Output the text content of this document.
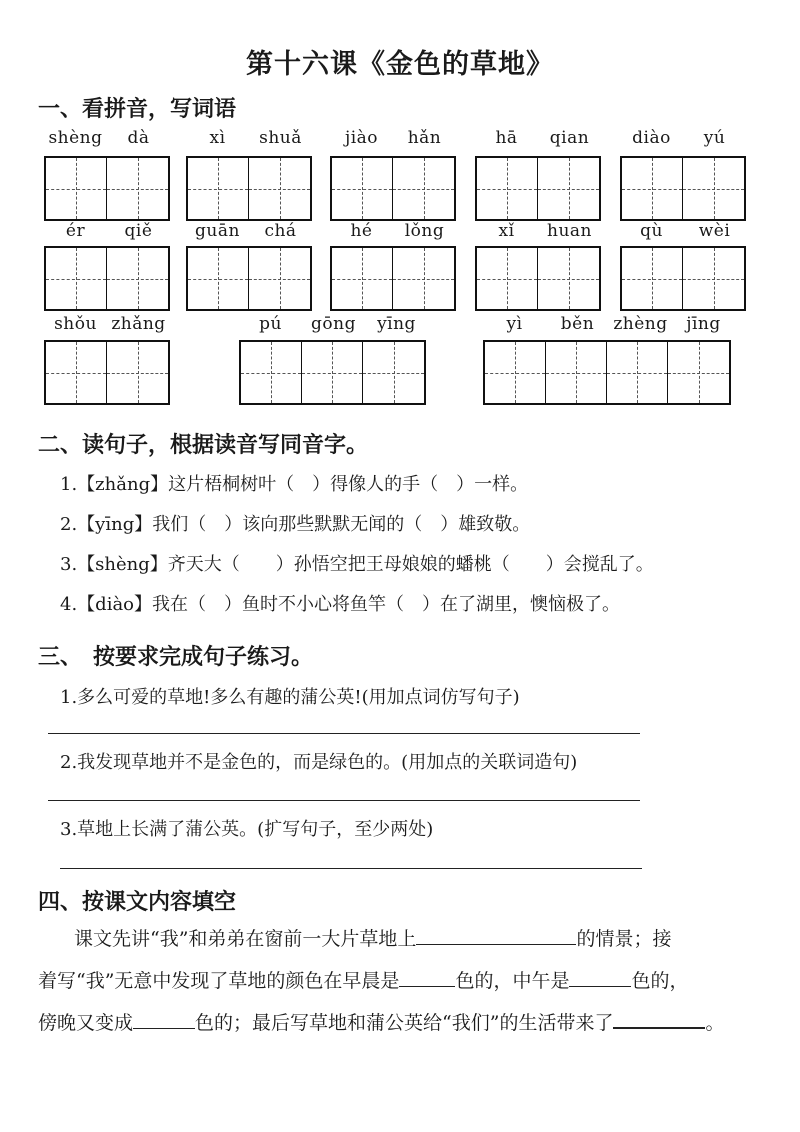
第十六课《金色的草地》
一、看拼音，写词语
shèng	dà	xì	shuǎ	jiào	hǎn	hā	qian	diào	yú
ér	qiě	guān	chá	hé	lǒng	xǐ	huan	qù	wèi
shǒu zhǎng	pú	gōng	yīng	yì	běn	zhèng	jīng
二、读句子，根据读音写同音字。
1.【zhǎng】这片梧桐树叶（　）得像人的手（　）一样。
2.【yīng】我们（　）该向那些默默无闻的（　）雄致敬。
3.【shèng】齐天大（　　）孙悟空把王母娘娘的蟠桃（　　）会搅乱了。
4.【diào】我在（　）鱼时不小心将鱼竿（　）在了湖里，懊恼极了。
三、　按要求完成句子练习。
1.多么可爱的草地!多么有趣的蒲公英!(用加点词仿写句子)
2.我发现草地并不是金色的，而是绿色的。(用加点的关联词造句)
3.草地上长满了蒲公英。(扩写句子，至少两处)
四、按课文内容填空
课文先讲“我”和弟弟在窗前一大片草地上	的情景；接
着写“我”无意中发现了草地的颜色在早晨是	色的，中午是	色的，
傍晚又变成	色的；最后写草地和蒲公英给“我们”的生活带来了	。
